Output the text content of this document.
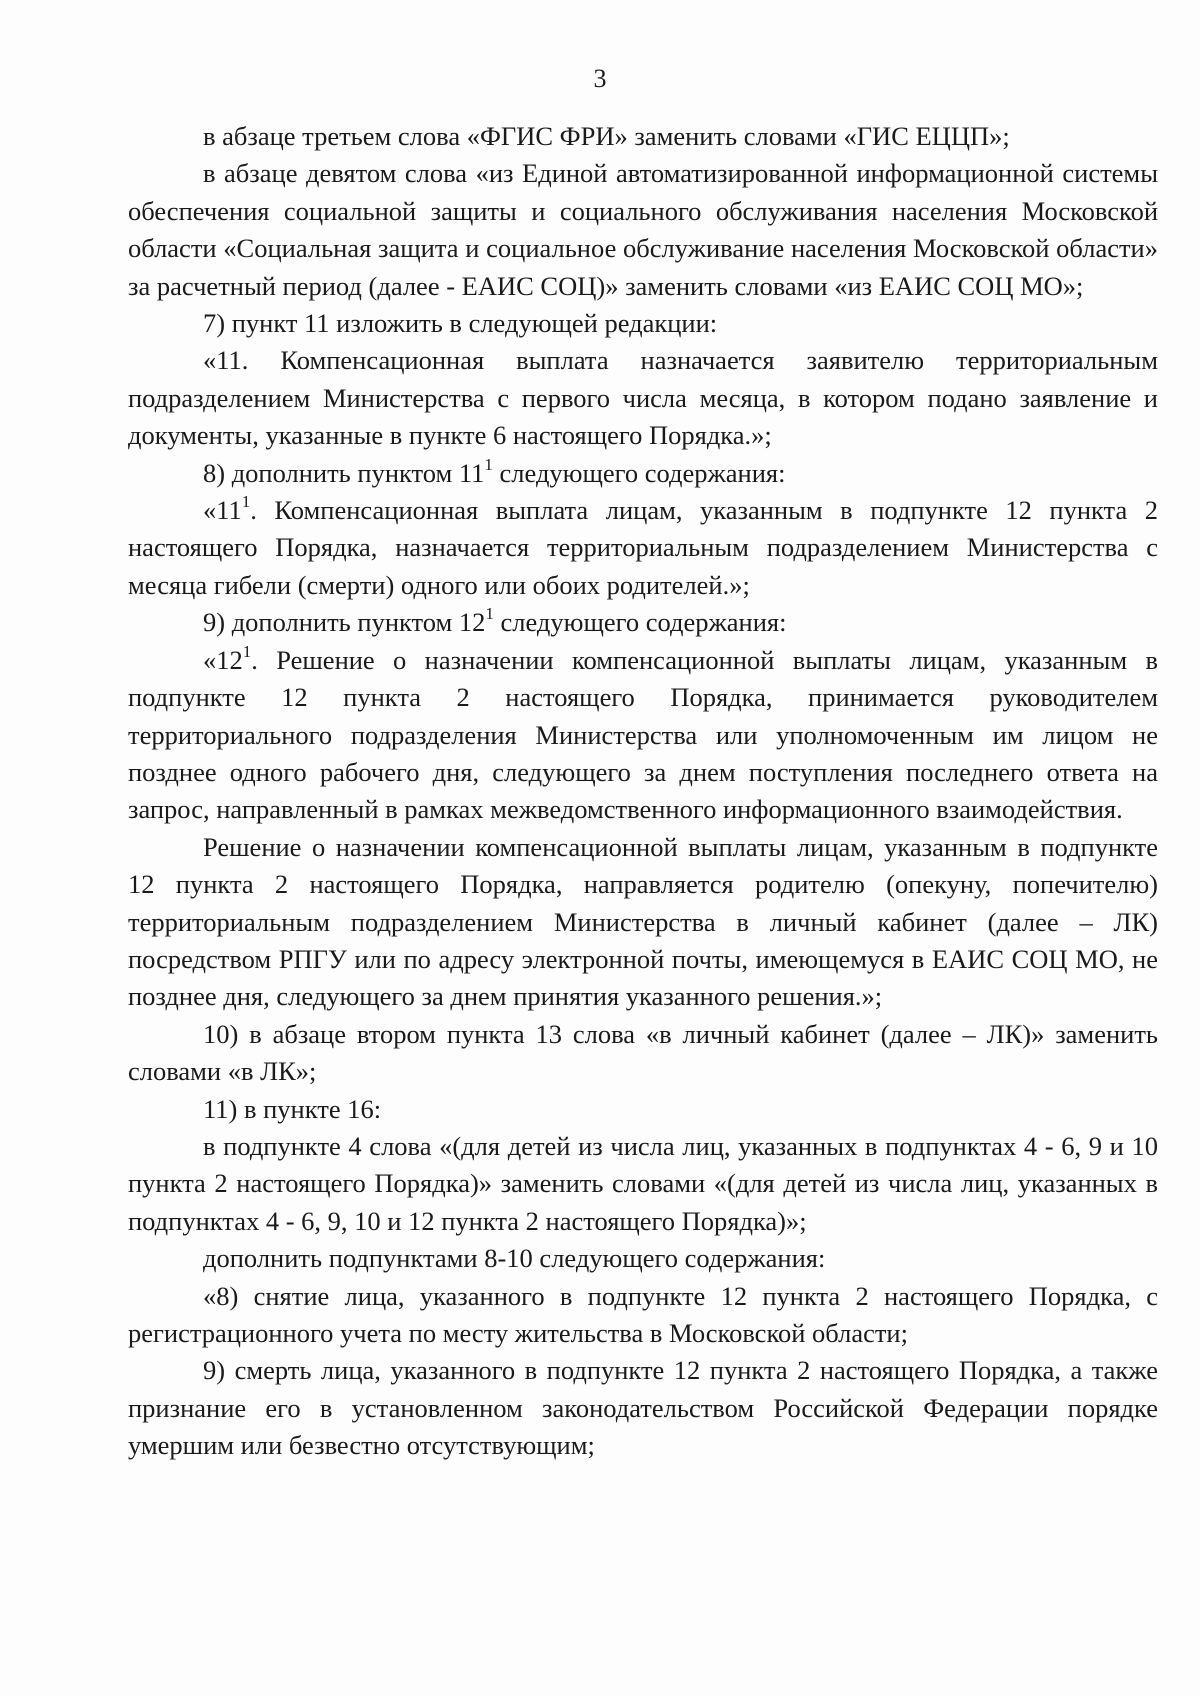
3

в абзаце третьем слова «ФГИС ФРИ» заменить словами «ГИС ЕЦЦП»;

в абзаце девятом слова «из Единой автоматизированной информационной системы обеспечения социальной защиты и социального обслуживания населения Московской области «Социальная защита и социальное обслуживание населения Московской области» за расчетный период (далее - ЕАИС СОЦ)» заменить словами «из ЕАИС СОЦ МО»;

7) пункт 11 изложить в следующей редакции:

«11. Компенсационная выплата назначается заявителю территориальным подразделением Министерства с первого числа месяца, в котором подано заявление и документы, указанные в пункте 6 настоящего Порядка.»;

8) дополнить пунктом $11^1$ следующего содержания:

«$11^1$. Компенсационная выплата лицам, указанным в подпункте 12 пункта 2 настоящего Порядка, назначается территориальным подразделением Министерства с месяца гибели (смерти) одного или обоих родителей.»;

9) дополнить пунктом $12^1$ следующего содержания:

«$12^1$. Решение о назначении компенсационной выплаты лицам, указанным в подпункте 12 пункта 2 настоящего Порядка, принимается руководителем территориального подразделения Министерства или уполномоченным им лицом не позднее одного рабочего дня, следующего за днем поступления последнего ответа на запрос, направленный в рамках межведомственного информационного взаимодействия.

Решение о назначении компенсационной выплаты лицам, указанным в подпункте 12 пункта 2 настоящего Порядка, направляется родителю (опекуну, попечителю) территориальным подразделением Министерства в личный кабинет (далее – ЛК) посредством РПГУ или по адресу электронной почты, имеющемуся в ЕАИС СОЦ МО, не позднее дня, следующего за днем принятия указанного решения.»;

10) в абзаце втором пункта 13 слова «в личный кабинет (далее – ЛК)» заменить словами «в ЛК»;

11) в пункте 16:

в подпункте 4 слова «(для детей из числа лиц, указанных в подпунктах 4 - 6, 9 и 10 пункта 2 настоящего Порядка)» заменить словами «(для детей из числа лиц, указанных в подпунктах 4 - 6, 9, 10 и 12 пункта 2 настоящего Порядка)»;

дополнить подпунктами 8-10 следующего содержания:

«8) снятие лица, указанного в подпункте 12 пункта 2 настоящего Порядка, с регистрационного учета по месту жительства в Московской области;

9) смерть лица, указанного в подпункте 12 пункта 2 настоящего Порядка, а также признание его в установленном законодательством Российской Федерации порядке умершим или безвестно отсутствующим;
